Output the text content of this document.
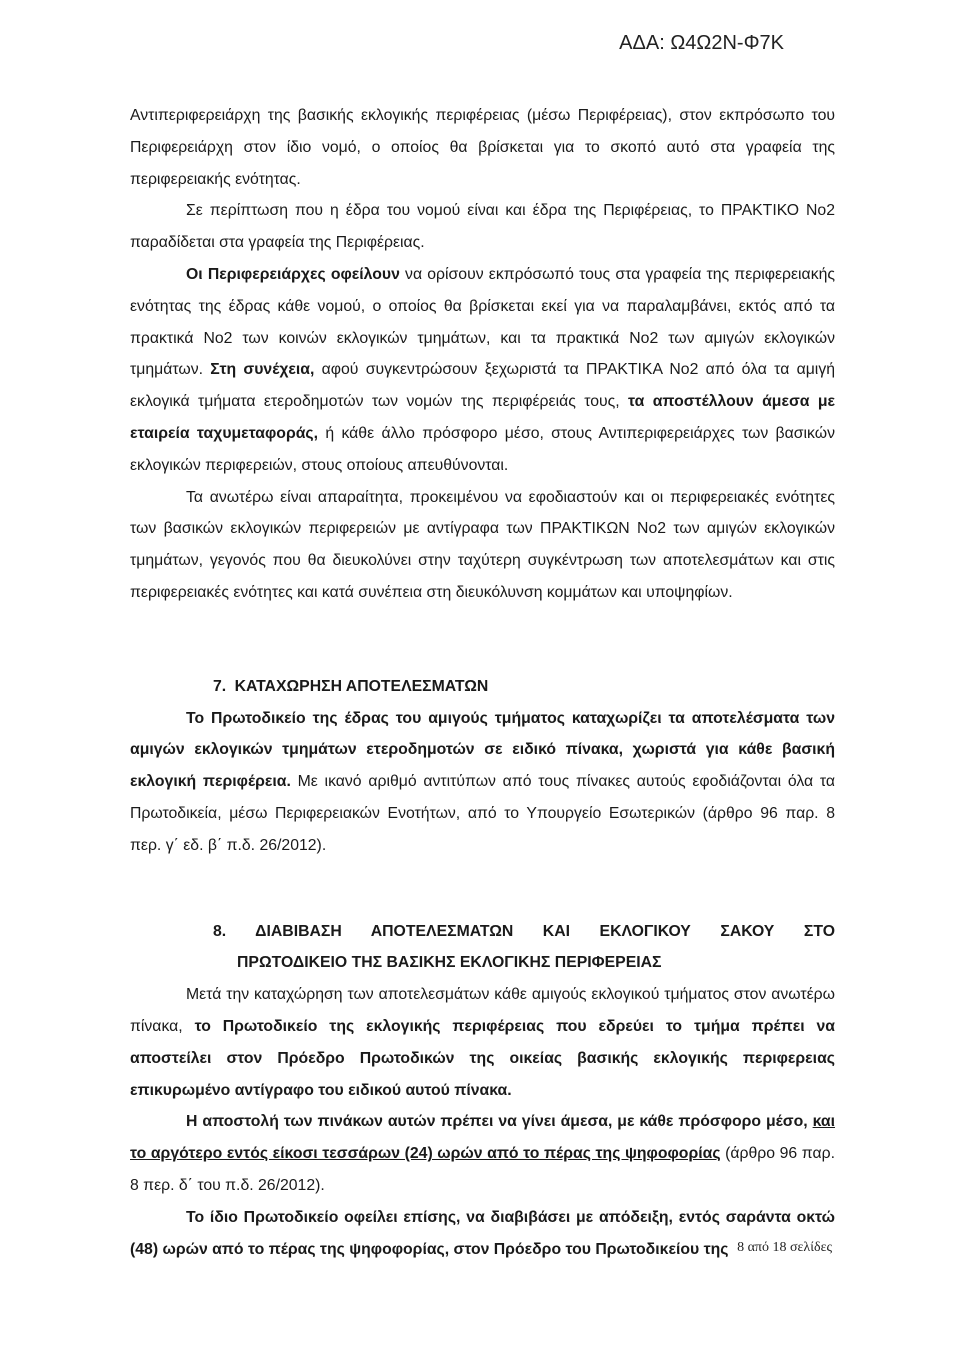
ΑΔΑ: Ω4Ω2Ν-Φ7Κ

Αντιπεριφερειάρχη της βασικής εκλογικής περιφέρειας (μέσω Περιφέρειας), στον εκπρόσωπο του Περιφερειάρχη στον ίδιο νομό, ο οποίος θα βρίσκεται για το σκοπό αυτό στα γραφεία της περιφερειακής ενότητας.

Σε περίπτωση που η έδρα του νομού είναι και έδρα της Περιφέρειας, το ΠΡΑΚΤΙΚΟ Νο2 παραδίδεται στα γραφεία της Περιφέρειας.

Οι Περιφερειάρχες οφείλουν να ορίσουν εκπρόσωπό τους στα γραφεία της περιφερειακής ενότητας της έδρας κάθε νομού, ο οποίος θα βρίσκεται εκεί για να παραλαμβάνει, εκτός από τα πρακτικά Νο2 των κοινών εκλογικών τμημάτων, και τα πρακτικά Νο2 των αμιγών εκλογικών τμημάτων. Στη συνέχεια, αφού συγκεντρώσουν ξεχωριστά τα ΠΡΑΚΤΙΚΑ Νο2 από όλα τα αμιγή εκλογικά τμήματα ετεροδημοτών των νομών της περιφέρειάς τους, τα αποστέλλουν άμεσα με εταιρεία ταχυμεταφοράς, ή κάθε άλλο πρόσφορο μέσο, στους Αντιπεριφερειάρχες των βασικών εκλογικών περιφερειών, στους οποίους απευθύνονται.

Τα ανωτέρω είναι απαραίτητα, προκειμένου να εφοδιαστούν και οι περιφερειακές ενότητες των βασικών εκλογικών περιφερειών με αντίγραφα των ΠΡΑΚΤΙΚΩΝ Νο2 των αμιγών εκλογικών τμημάτων, γεγονός που θα διευκολύνει στην ταχύτερη συγκέντρωση των αποτελεσμάτων και στις περιφερειακές ενότητες και κατά συνέπεια στη διευκόλυνση κομμάτων και υποψηφίων.

7. ΚΑΤΑΧΩΡΗΣΗ ΑΠΟΤΕΛΕΣΜΑΤΩΝ

Το Πρωτοδικείο της έδρας του αμιγούς τμήματος καταχωρίζει τα αποτελέσματα των αμιγών εκλογικών τμημάτων ετεροδημοτών σε ειδικό πίνακα, χωριστά για κάθε βασική εκλογική περιφέρεια. Με ικανό αριθμό αντιτύπων από τους πίνακες αυτούς εφοδιάζονται όλα τα Πρωτοδικεία, μέσω Περιφερειακών Ενοτήτων, από το Υπουργείο Εσωτερικών (άρθρο 96 παρ. 8 περ. γ΄ εδ. β΄ π.δ. 26/2012).

8. ΔΙΑΒΙΒΑΣΗ ΑΠΟΤΕΛΕΣΜΑΤΩΝ ΚΑΙ ΕΚΛΟΓΙΚΟΥ ΣΑΚΟΥ ΣΤΟ

ΠΡΩΤΟΔΙΚΕΙΟ ΤΗΣ ΒΑΣΙΚΗΣ ΕΚΛΟΓΙΚΗΣ ΠΕΡΙΦΕΡΕΙΑΣ

Μετά την καταχώρηση των αποτελεσμάτων κάθε αμιγούς εκλογικού τμήματος στον ανωτέρω πίνακα, το Πρωτοδικείο της εκλογικής περιφέρειας που εδρεύει το τμήμα πρέπει να αποστείλει στον Πρόεδρο Πρωτοδικών της οικείας βασικής εκλογικής περιφερειας επικυρωμένο αντίγραφο του ειδικού αυτού πίνακα.

Η αποστολή των πινάκων αυτών πρέπει να γίνει άμεσα, με κάθε πρόσφορο μέσο, και το αργότερο εντός είκοσι τεσσάρων (24) ωρών από το πέρας της ψηφοφορίας (άρθρο 96 παρ. 8 περ. δ΄ του π.δ. 26/2012).

Το ίδιο Πρωτοδικείο οφείλει επίσης, να διαβιβάσει με απόδειξη, εντός σαράντα οκτώ (48) ωρών από το πέρας της ψηφοφορίας, στον Πρόεδρο του Πρωτοδικείου της 8 από 18 σελίδες
